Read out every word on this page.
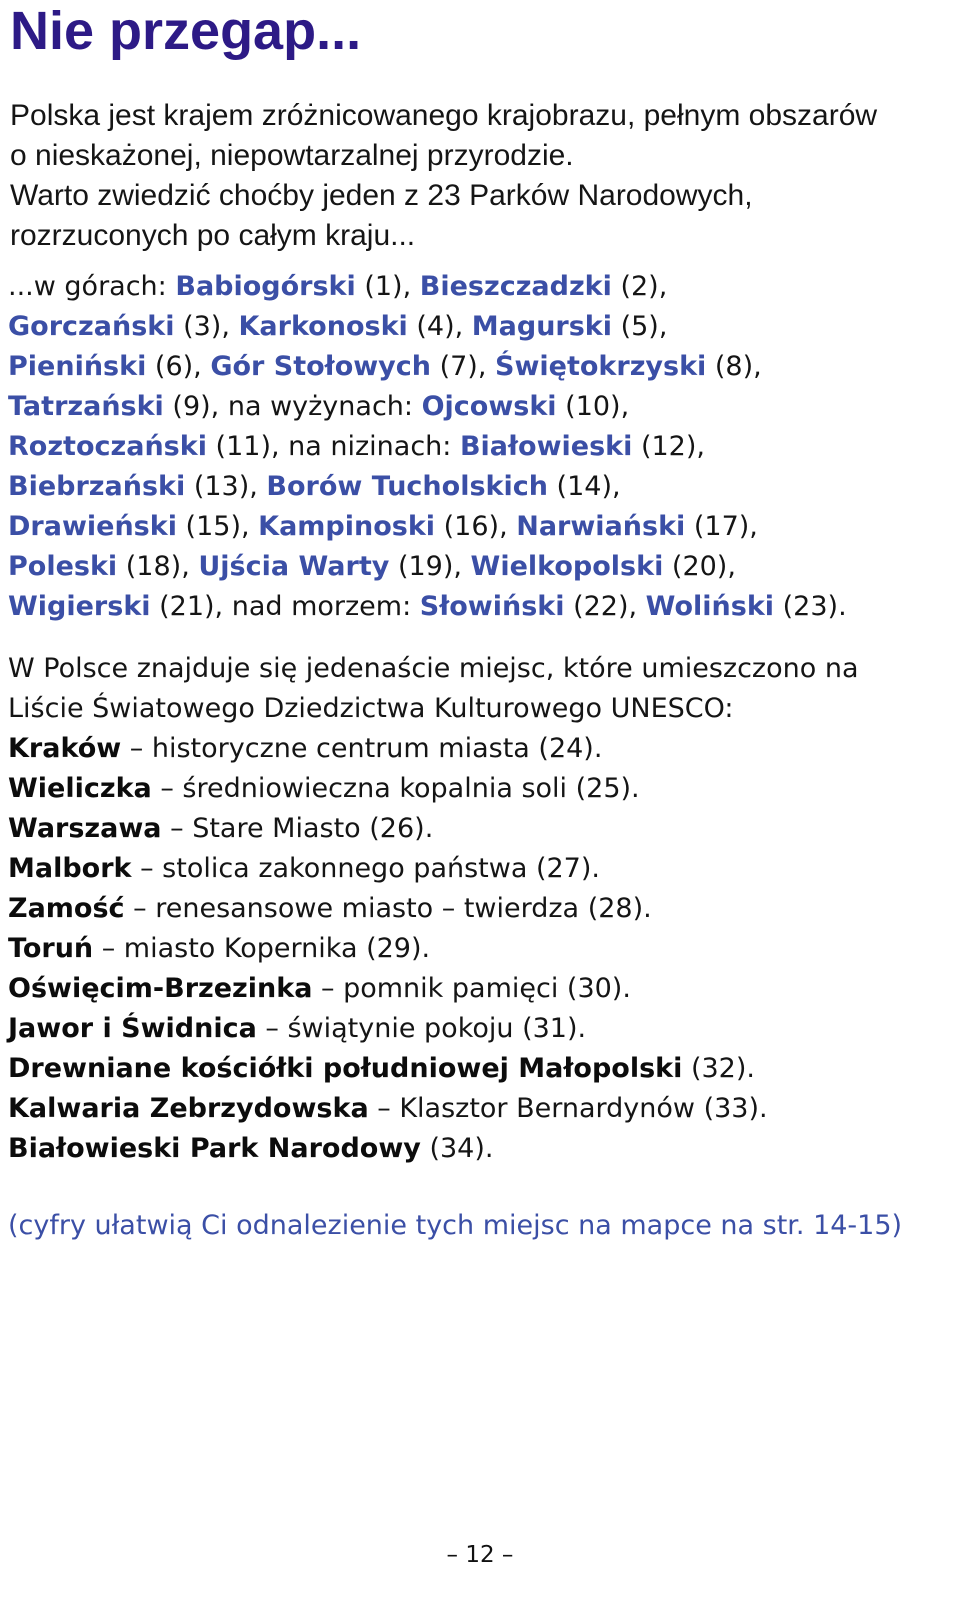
Nie przegap...

Polska jest krajem zróżnicowanego krajobrazu, pełnym obszarów
o nieskażonej, niepowtarzalnej przyrodzie.
Warto zwiedzić choćby jeden z 23 Parków Narodowych,
rozrzuconych po całym kraju...

...w górach: Babiogórski (1), Bieszczadzki (2),
Gorczański (3), Karkonoski (4), Magurski (5),
Pieniński (6), Gór Stołowych (7), Świętokrzyski (8),
Tatrzański (9), na wyżynach: Ojcowski (10),
Roztoczański (11), na nizinach: Białowieski (12),
Biebrzański (13), Borów Tucholskich (14),
Drawieński (15), Kampinoski (16), Narwiański (17),
Poleski (18), Ujścia Warty (19), Wielkopolski (20),
Wigierski (21), nad morzem: Słowiński (22), Woliński (23).
W Polsce znajduje się jedenaście miejsc, które umieszczono na
Liście Światowego Dziedzictwa Kulturowego UNESCO:
Kraków – historyczne centrum miasta (24).
Wieliczka – średniowieczna kopalnia soli (25).
Warszawa – Stare Miasto (26).
Malbork – stolica zakonnego państwa (27).
Zamość – renesansowe miasto – twierdza (28).
Toruń – miasto Kopernika (29).
Oświęcim-Brzezinka – pomnik pamięci (30).
Jawor i Świdnica – świątynie pokoju (31).
Drewniane kościółki południowej Małopolski (32).
Kalwaria Zebrzydowska – Klasztor Bernardynów (33).
Białowieski Park Narodowy (34).

(cyfry ułatwią Ci odnalezienie tych miejsc na mapce na str. 14-15)

– 12 –
